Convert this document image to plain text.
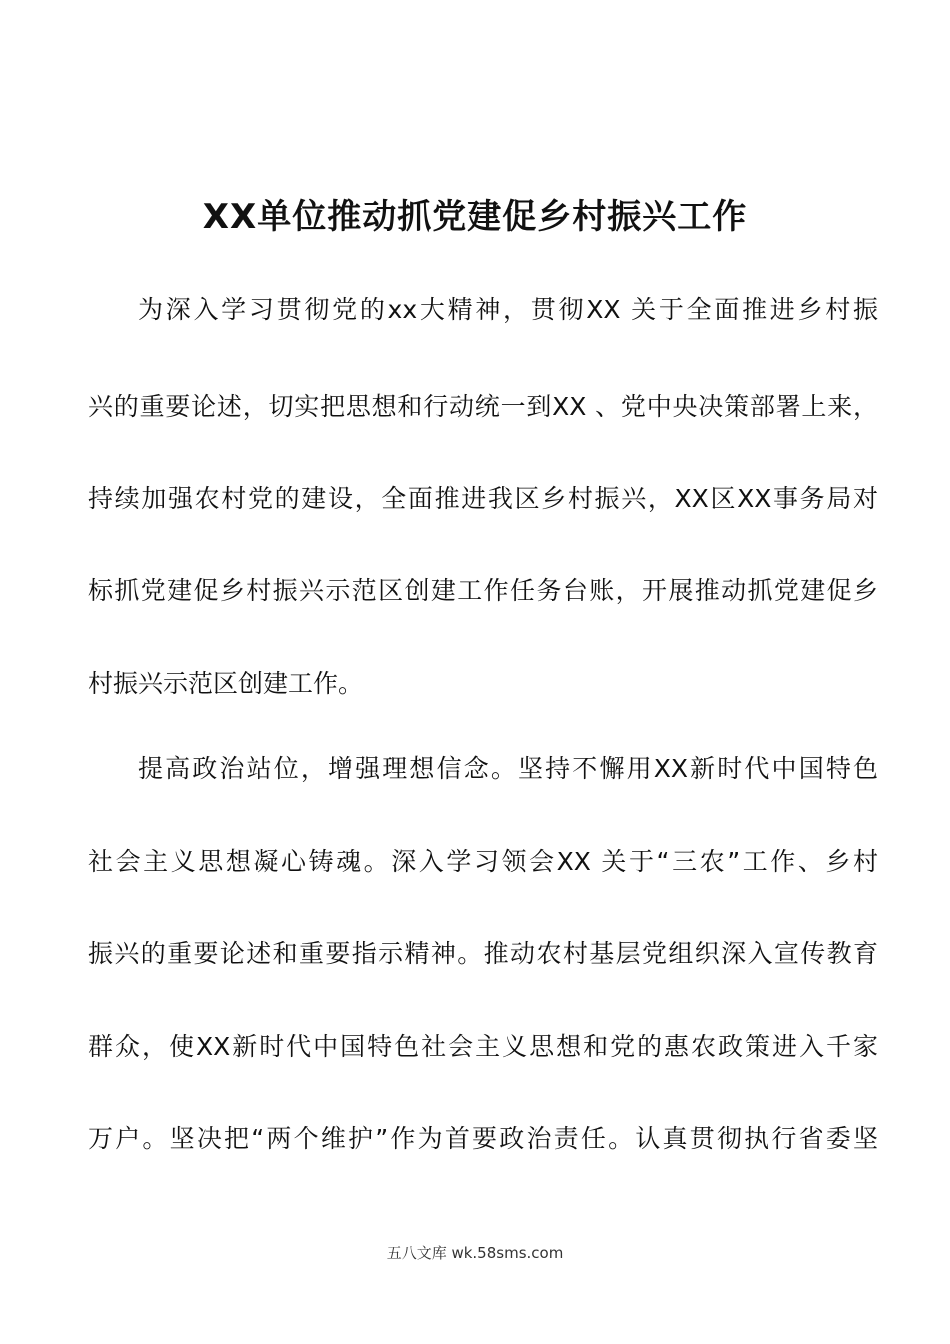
XX单位推动抓党建促乡村振兴工作

为深入学习贯彻党的xx大精神，贯彻XX 关于全面推进乡村振

兴的重要论述，切实把思想和行动统一到XX 、党中央决策部署上来，

持续加强农村党的建设，全面推进我区乡村振兴，XX区XX事务局对

标抓党建促乡村振兴示范区创建工作任务台账，开展推动抓党建促乡

村振兴示范区创建工作。

提高政治站位，增强理想信念。坚持不懈用XX新时代中国特色

社会主义思想凝心铸魂。深入学习领会XX 关于“三农”工作、乡村

振兴的重要论述和重要指示精神。推动农村基层党组织深入宣传教育

群众，使XX新时代中国特色社会主义思想和党的惠农政策进入千家

万户。坚决把“两个维护”作为首要政治责任。认真贯彻执行省委坚

五八文库 wk.58sms.com
